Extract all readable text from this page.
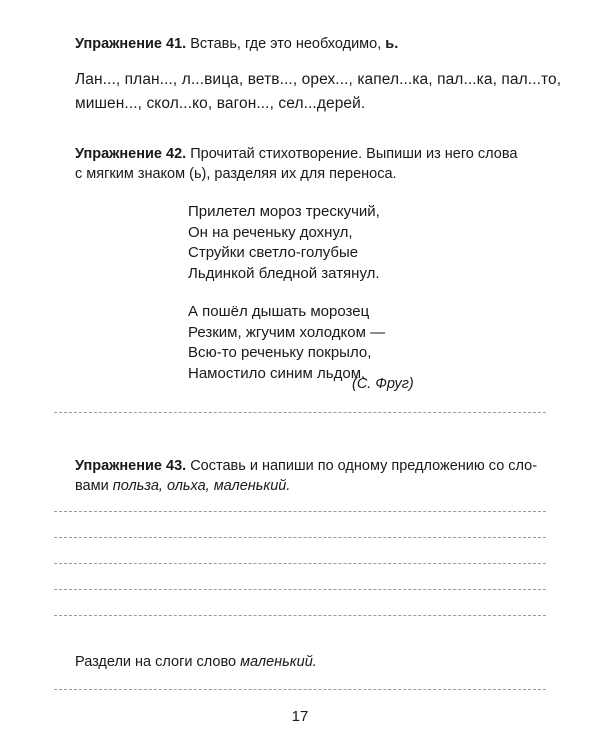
Упражнение 41. Вставь, где это необходимо, ь.
Лан..., план..., л...вица, ветв..., орех..., капел...ка, пал...ка, пал...то,
мишен..., скол...ко, вагон..., сел...дерей.
Упражнение 42. Прочитай стихотворение. Выпиши из него слова
с мягким знаком (ь), разделяя их для переноса.
Прилетел мороз трескучий,
Он на реченьку дохнул,
Струйки светло-голубые
Льдинкой бледной затянул.
А пошёл дышать морозец
Резким, жгучим холодком —
Всю-то реченьку покрыло,
Намостило синим льдом.
(С. Фруг)
Упражнение 43. Составь и напиши по одному предложению со сло-
вами польза, ольха, маленький.
Раздели на слоги слово маленький.
17
